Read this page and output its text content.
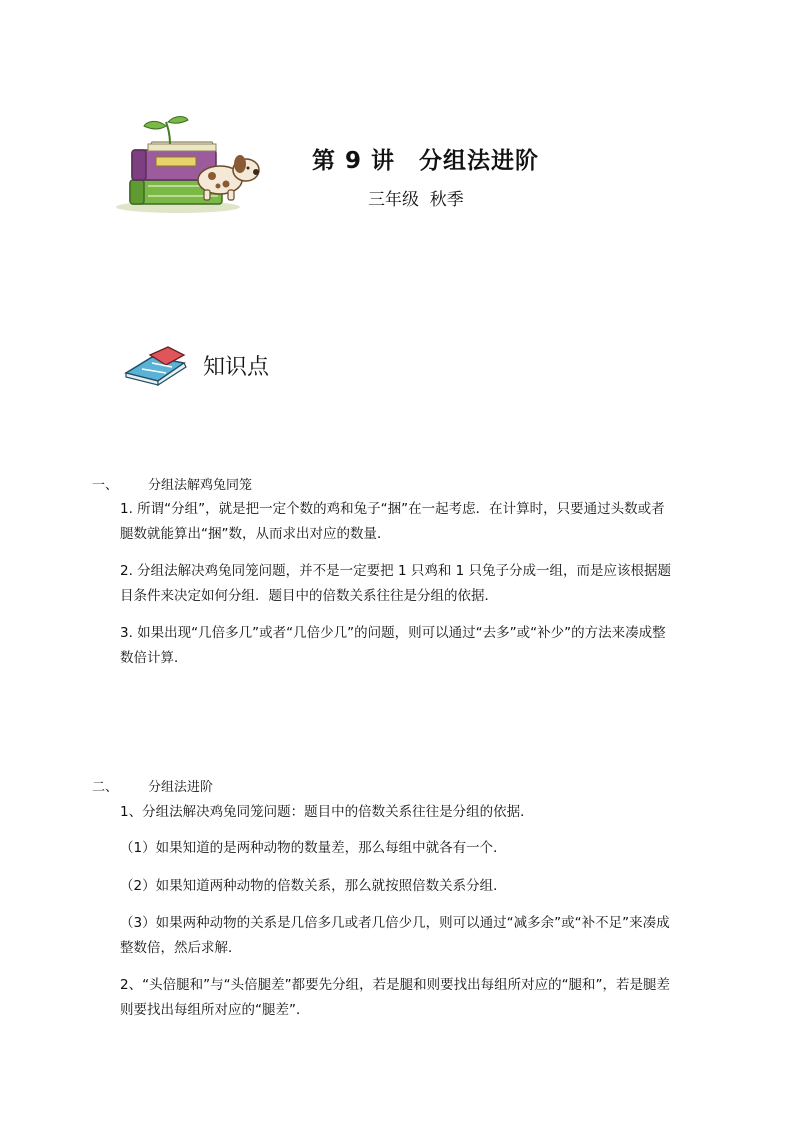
第 9 讲　分组法进阶
三年级  秋季
知识点
一、 分组法解鸡兔同笼
1. 所谓“分组”，就是把一定个数的鸡和兔子“捆”在一起考虑．在计算时，只要通过头数或者腿数就能算出“捆”数，从而求出对应的数量．
2. 分组法解决鸡兔同笼问题，并不是一定要把 1 只鸡和 1 只兔子分成一组，而是应该根据题目条件来决定如何分组．题目中的倍数关系往往是分组的依据．
3. 如果出现“几倍多几”或者“几倍少几”的问题，则可以通过“去多”或“补少”的方法来凑成整数倍计算．
二、 分组法进阶
1、分组法解决鸡兔同笼问题：题目中的倍数关系往往是分组的依据．
（1）如果知道的是两种动物的数量差，那么每组中就各有一个．
（2）如果知道两种动物的倍数关系，那么就按照倍数关系分组．
（3）如果两种动物的关系是几倍多几或者几倍少几，则可以通过“减多余”或“补不足”来凑成整数倍，然后求解．
2、“头倍腿和”与“头倍腿差”都要先分组，若是腿和则要找出每组所对应的“腿和”，若是腿差则要找出每组所对应的“腿差”．
